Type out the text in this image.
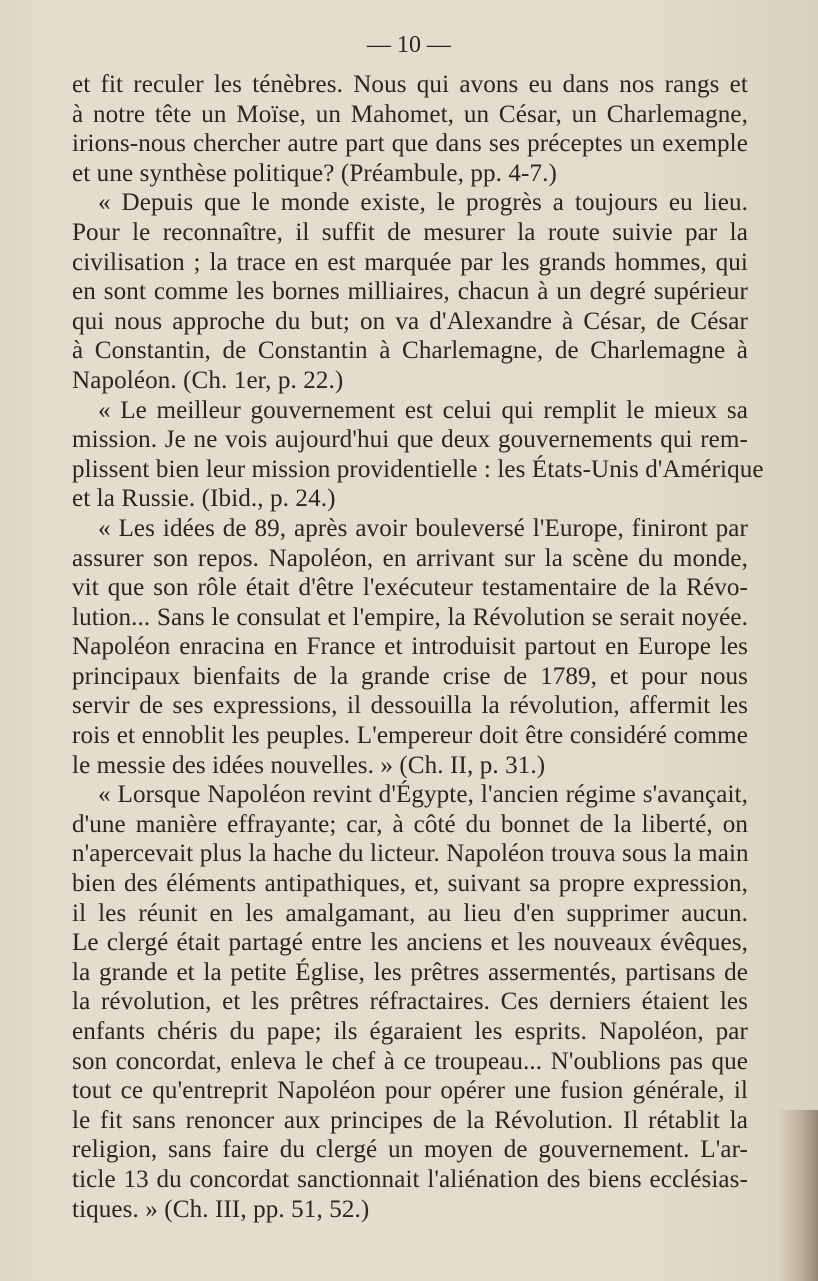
— 10 —
et fit reculer les ténèbres. Nous qui avons eu dans nos rangs et
à notre tête un Moïse, un Mahomet, un César, un Charlemagne,
irions-nous chercher autre part que dans ses préceptes un exemple
et une synthèse politique? (Préambule, pp. 4-7.)
« Depuis que le monde existe, le progrès a toujours eu lieu.
Pour le reconnaître, il suffit de mesurer la route suivie par la
civilisation ; la trace en est marquée par les grands hommes, qui
en sont comme les bornes milliaires, chacun à un degré supérieur
qui nous approche du but; on va d'Alexandre à César, de César
à Constantin, de Constantin à Charlemagne, de Charlemagne à
Napoléon. (Ch. 1er, p. 22.)
« Le meilleur gouvernement est celui qui remplit le mieux sa
mission. Je ne vois aujourd'hui que deux gouvernements qui rem-
plissent bien leur mission providentielle : les États-Unis d'Amérique
et la Russie. (Ibid., p. 24.)
« Les idées de 89, après avoir bouleversé l'Europe, finiront par
assurer son repos. Napoléon, en arrivant sur la scène du monde,
vit que son rôle était d'être l'exécuteur testamentaire de la Révo-
lution... Sans le consulat et l'empire, la Révolution se serait noyée.
Napoléon enracina en France et introduisit partout en Europe les
principaux bienfaits de la grande crise de 1789, et pour nous
servir de ses expressions, il dessouilla la révolution, affermit les
rois et ennoblit les peuples. L'empereur doit être considéré comme
le messie des idées nouvelles. » (Ch. II, p. 31.)
« Lorsque Napoléon revint d'Égypte, l'ancien régime s'avançait,
d'une manière effrayante; car, à côté du bonnet de la liberté, on
n'apercevait plus la hache du licteur. Napoléon trouva sous la main
bien des éléments antipathiques, et, suivant sa propre expression,
il les réunit en les amalgamant, au lieu d'en supprimer aucun.
Le clergé était partagé entre les anciens et les nouveaux évêques,
la grande et la petite Église, les prêtres assermentés, partisans de
la révolution, et les prêtres réfractaires. Ces derniers étaient les
enfants chéris du pape; ils égaraient les esprits. Napoléon, par
son concordat, enleva le chef à ce troupeau... N'oublions pas que
tout ce qu'entreprit Napoléon pour opérer une fusion générale, il
le fit sans renoncer aux principes de la Révolution. Il rétablit la
religion, sans faire du clergé un moyen de gouvernement. L'ar-
ticle 13 du concordat sanctionnait l'aliénation des biens ecclésias-
tiques. » (Ch. III, pp. 51, 52.)
